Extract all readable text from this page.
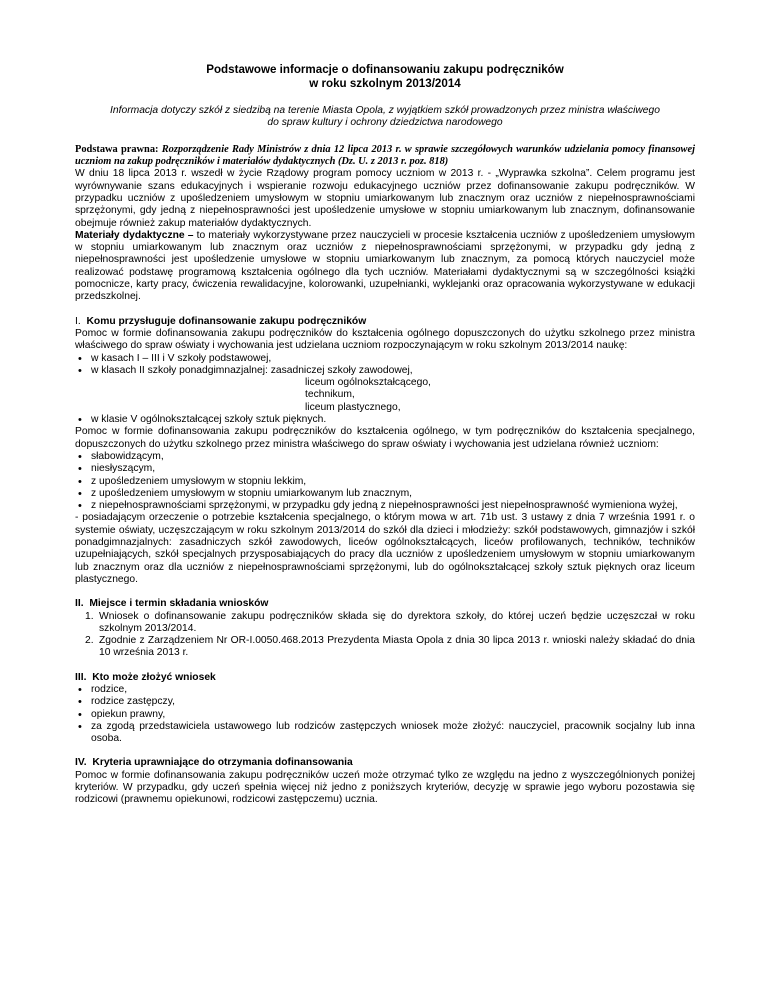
Podstawowe informacje o dofinansowaniu zakupu podręczników
w roku szkolnym 2013/2014

Informacja dotyczy szkół z siedzibą na terenie Miasta Opola, z wyjątkiem szkół prowadzonych przez ministra właściwego
do spraw kultury i ochrony dziedzictwa narodowego

Podstawa prawna: Rozporządzenie Rady Ministrów z dnia 12 lipca 2013 r. w sprawie szczegółowych warunków udzielania pomocy finansowej uczniom na zakup podręczników i materiałów dydaktycznych (Dz. U. z 2013 r. poz. 818)

W dniu 18 lipca 2013 r. wszedł w życie Rządowy program pomocy uczniom w 2013 r. - „Wyprawka szkolna”. Celem programu jest wyrównywanie szans edukacyjnych i wspieranie rozwoju edukacyjnego uczniów przez dofinansowanie zakupu podręczników. W przypadku uczniów z upośledzeniem umysłowym w stopniu umiarkowanym lub znacznym oraz uczniów z niepełnosprawnościami sprzężonymi, gdy jedną z niepełnosprawności jest upośledzenie umysłowe w stopniu umiarkowanym lub znacznym, dofinansowanie obejmuje również zakup materiałów dydaktycznych.

Materiały dydaktyczne – to materiały wykorzystywane przez nauczycieli w procesie kształcenia uczniów z upośledzeniem umysłowym w stopniu umiarkowanym lub znacznym oraz uczniów z niepełnosprawnościami sprzężonymi, w przypadku gdy jedną z niepełnosprawności jest upośledzenie umysłowe w stopniu umiarkowanym lub znacznym, za pomocą których nauczyciel może realizować podstawę programową kształcenia ogólnego dla tych uczniów. Materiałami dydaktycznymi są w szczególności książki pomocnicze, karty pracy, ćwiczenia rewalidacyjne, kolorowanki, uzupełnianki, wyklejanki oraz opracowania wykorzystywane w edukacji przedszkolnej.

I. Komu przysługuje dofinansowanie zakupu podręczników

Pomoc w formie dofinansowania zakupu podręczników do kształcenia ogólnego dopuszczonych do użytku szkolnego przez ministra właściwego do spraw oświaty i wychowania jest udzielana uczniom rozpoczynającym w roku szkolnym 2013/2014 naukę:

• w kasach I – III i V szkoły podstawowej,
• w klasach II szkoły ponadgimnazjalnej: zasadniczej szkoły zawodowej,
liceum ogólnokształcącego,
technikum,
liceum plastycznego,
• w klasie V ogólnokształcącej szkoły sztuk pięknych.

Pomoc w formie dofinansowania zakupu podręczników do kształcenia ogólnego, w tym podręczników do kształcenia specjalnego, dopuszczonych do użytku szkolnego przez ministra właściwego do spraw oświaty i wychowania jest udzielana również uczniom:

• słabowidzącym,
• niesłyszącym,
• z upośledzeniem umysłowym w stopniu lekkim,
• z upośledzeniem umysłowym w stopniu umiarkowanym lub znacznym,
• z niepełnosprawnościami sprzężonymi, w przypadku gdy jedną z niepełnosprawności jest niepełnosprawność wymieniona wyżej,

- posiadającym orzeczenie o potrzebie kształcenia specjalnego, o którym mowa w art. 71b ust. 3 ustawy z dnia 7 września 1991 r. o systemie oświaty, uczęszczającym w roku szkolnym 2013/2014 do szkół dla dzieci i młodzieży: szkół podstawowych, gimnazjów i szkół ponadgimnazjalnych: zasadniczych szkół zawodowych, liceów ogólnokształcących, liceów profilowanych, techników, techników uzupełniających, szkół specjalnych przysposabiających do pracy dla uczniów z upośledzeniem umysłowym w stopniu umiarkowanym lub znacznym oraz dla uczniów z niepełnosprawnościami sprzężonymi, lub do ogólnokształcącej szkoły sztuk pięknych oraz liceum plastycznego.

II. Miejsce i termin składania wniosków

1. Wniosek o dofinansowanie zakupu podręczników składa się do dyrektora szkoły, do której uczeń będzie uczęszczał w roku szkolnym 2013/2014.
2. Zgodnie z Zarządzeniem Nr OR-I.0050.468.2013 Prezydenta Miasta Opola z dnia 30 lipca 2013 r. wnioski należy składać do dnia 10 września 2013 r.

III. Kto może złożyć wniosek

• rodzice,
• rodzice zastępczy,
• opiekun prawny,
• za zgodą przedstawiciela ustawowego lub rodziców zastępczych wniosek może złożyć: nauczyciel, pracownik socjalny lub inna osoba.

IV. Kryteria uprawniające do otrzymania dofinansowania

Pomoc w formie dofinansowania zakupu podręczników uczeń może otrzymać tylko ze względu na jedno z wyszczególnionych poniżej kryteriów. W przypadku, gdy uczeń spełnia więcej niż jedno z poniższych kryteriów, decyzję w sprawie jego wyboru pozostawia się rodzicowi (prawnemu opiekunowi, rodzicowi zastępczemu) ucznia.
